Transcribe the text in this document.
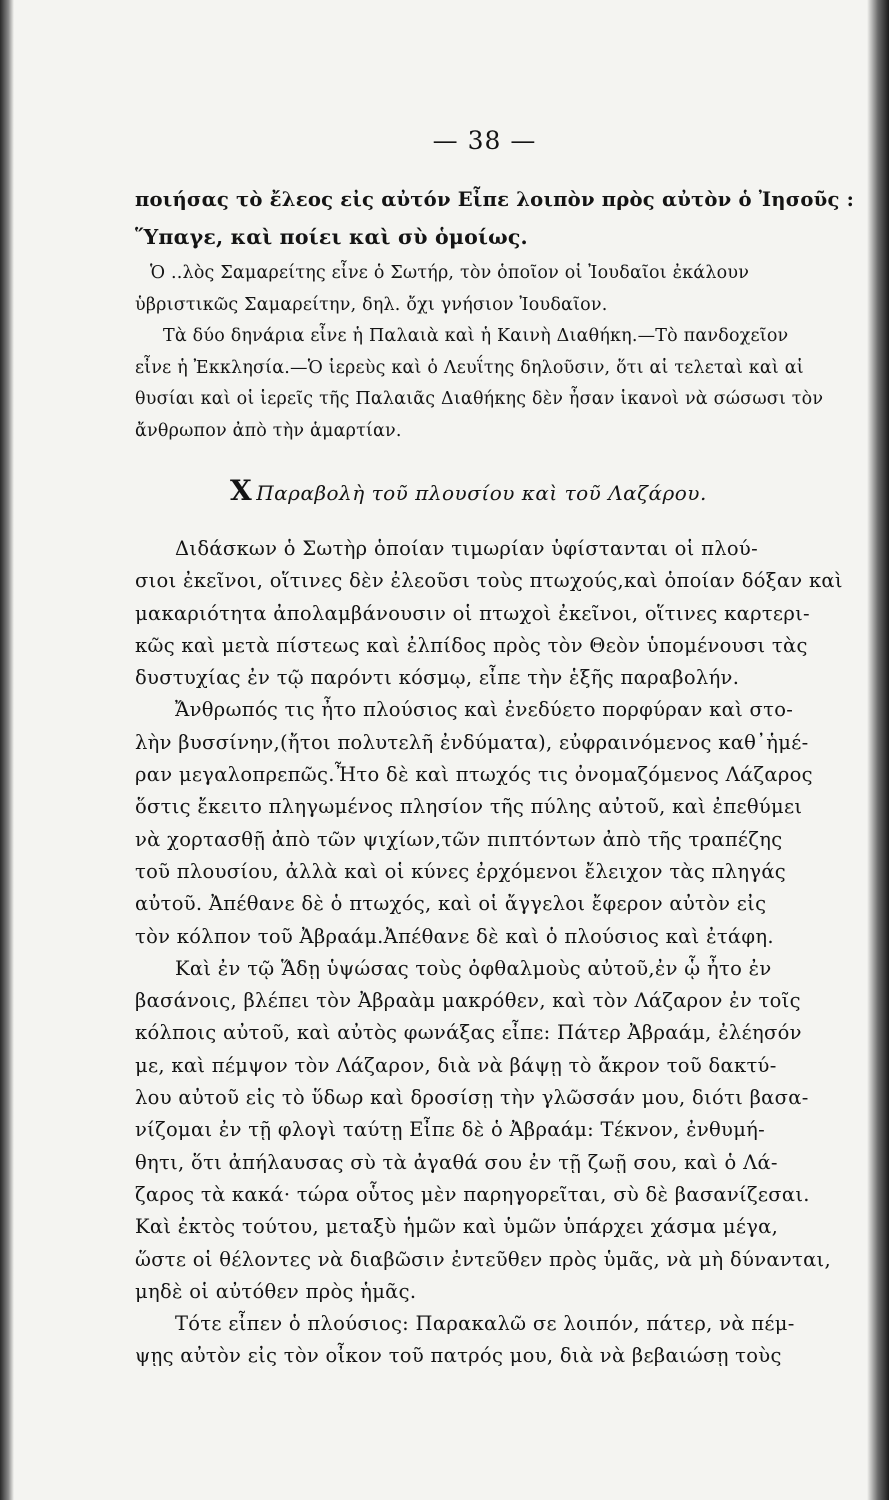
— 38 —
ποιήσας τὸ ἔλεος εἰς αὐτόν Εἶπε λοιπὸν πρὸς αὐτὸν ὁ Ἰησοῦς :
Ὕπαγε, καὶ ποίει καὶ σὺ ὁμοίως.
Ὁ ..λὸς Σαμαρείτης εἶνε ὁ Σωτήρ, τὸν ὁποῖον οἱ Ἰουδαῖοι ἐκάλουν
ὑβριστικῶς Σαμαρείτην, δηλ. ὄχι γνήσιον Ἰουδαῖον.
Τὰ δύο δηνάρια εἶνε ἡ Παλαιὰ καὶ ἡ Καινὴ Διαθήκη.—Τὸ πανδοχεῖον
εἶνε ἡ Ἐκκλησία.—Ὁ ἱερεὺς καὶ ὁ Λευΐτης δηλοῦσιν, ὅτι αἱ τελεταὶ καὶ αἱ
θυσίαι καὶ οἱ ἱερεῖς τῆς Παλαιᾶς Διαθήκης δὲν ἦσαν ἱκανοὶ νὰ σώσωσι τὸν
ἄνθρωπον ἀπὸ τὴν ἁμαρτίαν.
X Παραβολὴ τοῦ πλουσίου καὶ τοῦ Λαζάρου.
Διδάσκων ὁ Σωτὴρ ὁποίαν τιμωρίαν ὑφίστανται οἱ πλού-
σιοι ἐκεῖνοι, οἵτινες δὲν ἐλεοῦσι τοὺς πτωχούς,καὶ ὁποίαν δόξαν καὶ
μακαριότητα ἀπολαμβάνουσιν οἱ πτωχοὶ ἐκεῖνοι, οἵτινες καρτερι-
κῶς καὶ μετὰ πίστεως καὶ ἐλπίδος πρὸς τὸν Θεὸν ὑπομένουσι τὰς
δυστυχίας ἐν τῷ παρόντι κόσμῳ, εἶπε τὴν ἑξῆς παραβολήν.
Ἄνθρωπός τις ἦτο πλούσιος καὶ ἐνεδύετο πορφύραν καὶ στο-
λὴν βυσσίνην,(ἤτοι πολυτελῆ ἐνδύματα), εὐφραινόμενος καθ᾽ἡμέ-
ραν μεγαλοπρεπῶς.Ἦτο δὲ καὶ πτωχός τις ὀνομαζόμενος Λάζαρος
ὅστις ἔκειτο πληγωμένος πλησίον τῆς πύλης αὐτοῦ, καὶ ἐπεθύμει
νὰ χορτασθῇ ἀπὸ τῶν ψιχίων,τῶν πιπτόντων ἀπὸ τῆς τραπέζης
τοῦ πλουσίου, ἀλλὰ καὶ οἱ κύνες ἐρχόμενοι ἔλειχον τὰς πληγάς
αὐτοῦ. Ἀπέθανε δὲ ὁ πτωχός, καὶ οἱ ἄγγελοι ἔφερον αὐτὸν εἰς
τὸν κόλπον τοῦ Ἀβραάμ.Ἀπέθανε δὲ καὶ ὁ πλούσιος καὶ ἐτάφη.
Καὶ ἐν τῷ Ἅδῃ ὑψώσας τοὺς ὀφθαλμοὺς αὐτοῦ,ἐν ᾧ ἦτο ἐν
βασάνοις, βλέπει τὸν Ἀβραὰμ μακρόθεν, καὶ τὸν Λάζαρον ἐν τοῖς
κόλποις αὐτοῦ, καὶ αὐτὸς φωνάξας εἶπε: Πάτερ Ἀβραάμ, ἐλέησόν
με, καὶ πέμψον τὸν Λάζαρον, διὰ νὰ βάψῃ τὸ ἄκρον τοῦ δακτύ-
λου αὐτοῦ εἰς τὸ ὕδωρ καὶ δροσίσῃ τὴν γλῶσσάν μου, διότι βασα-
νίζομαι ἐν τῇ φλογὶ ταύτῃ Εἶπε δὲ ὁ Ἀβραάμ: Τέκνον, ἐνθυμή-
θητι, ὅτι ἀπήλαυσας σὺ τὰ ἀγαθά σου ἐν τῇ ζωῇ σου, καὶ ὁ Λά-
ζαρος τὰ κακά· τώρα οὗτος μὲν παρηγορεῖται, σὺ δὲ βασανίζεσαι.
Καὶ ἐκτὸς τούτου, μεταξὺ ἡμῶν καὶ ὑμῶν ὑπάρχει χάσμα μέγα,
ὥστε οἱ θέλοντες νὰ διαβῶσιν ἐντεῦθεν πρὸς ὑμᾶς, νὰ μὴ δύνανται,
μηδὲ οἱ αὐτόθεν πρὸς ἡμᾶς.
Τότε εἶπεν ὁ πλούσιος: Παρακαλῶ σε λοιπόν, πάτερ, νὰ πέμ-
ψῃς αὐτὸν εἰς τὸν οἶκον τοῦ πατρός μου, διὰ νὰ βεβαιώσῃ τοὺς
